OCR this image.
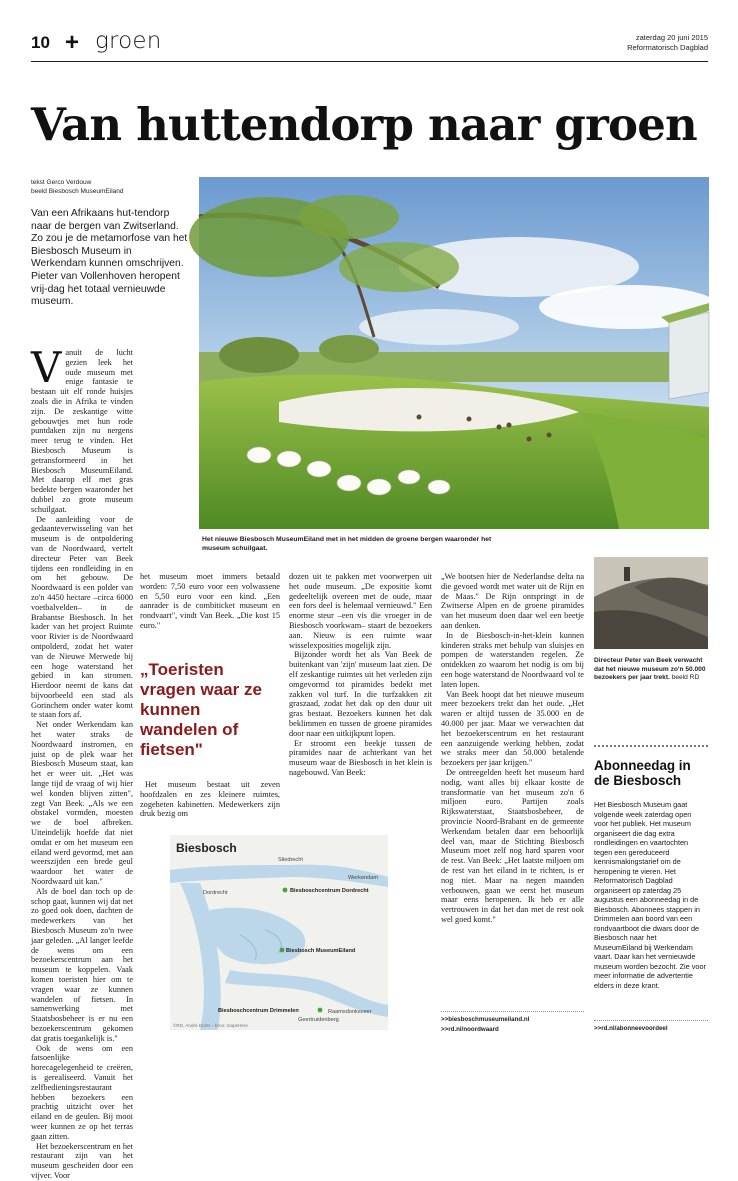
10 + groen	zaterdag 20 juni 2015
Reformatorisch Dagblad
Van huttendorp naar groen
tekst Gerco Verdouw
beeld Biesbosch MuseumEiland
Van een Afrikaans hut-tendorp naar de bergen van Zwitserland. Zo zou je de metamorfose van het Biesbosch Museum in Werkendam kunnen omschrijven. Pieter van Vollenhoven heropent vrij-dag het totaal vernieuwde museum.
Het nieuwe Biesbosch MuseumEiland met in het midden de groene bergen waaronder het museum schuilgaat.

Vanuit de lucht gezien leek het oude museum met enige fantasie te bestaan uit elf ronde huisjes zoals die in Afrika te vinden zijn. De zeskantige witte gebouwtjes met hun rode puntdaken zijn nu nergens meer terug te vinden. Het Biesbosch Museum is getransformeerd in het Biesbosch MuseumEiland. Met daarop elf met gras bedekte bergen waaronder het dubbel zo grote museum schuilgaat.

De aanleiding voor de gedaanteverwisseling van het museum is de ontpoldering van de Noordwaard, vertelt directeur Peter van Beek tijdens een rondleiding in en om het gebouw. De Noordwaard is een polder van zo'n 4450 hectare –circa 6000 voetbalvelden– in de Brabantse Biesbosch. In het kader van het project Ruimte voor Rivier is de Noordwaard ontpolderd, zodat het water van de Nieuwe Merwede bij een hoge waterstand het gebied in kan stromen. Hierdoor neemt de kans dat bijvoorbeeld een stad als Gorinchem onder water komt te staan fors af.

Net onder Werkendam kan het water straks de Noordwaard instromen, en juist op de plek waar het Biesbosch Museum staat, kan het er weer uit. „Het was lange tijd de vraag of wij hier wel konden blijven zitten", zegt Van Beek. „Als we een obstakel vormden, moesten we de boel afbreken. Uiteindelijk hoefde dat niet omdat er om het museum een eiland werd gevormd, met aan weerszijden een brede geul waardoor het water de Noordwaard uit kan."

Als de boel dan toch op de schop gaat, kunnen wij dat net zo goed ook doen, dachten de medewerkers van het Biesbosch Museum zo'n twee jaar geleden. „Al langer leefde de wens om een bezoekerscentrum aan het museum te koppelen. Vaak komen toeristen hier om te vragen waar ze kunnen wandelen of fietsen. In samenwerking met Staatsbosbeheer is er nu een bezoekerscentrum gekomen dat gratis toegankelijk is."

Ook de wens om een fatsoenlijke horecagelegenheid te creëren, is gerealiseerd. Vanuit het zelfbedieningsrestaurant hebben bezoekers een prachtig uitzicht over het eiland en de geulen. Bij mooi weer kunnen ze op het terras gaan zitten.

Het bezoekerscentrum en het restaurant zijn van het museum gescheiden door een vijver. Voor

het museum moet immers betaald worden: 7,50 euro voor een volwassene en 5,50 euro voor een kind. „Een aanrader is de combiticket museum en rondvaart", vindt Van Beek. „Die kost 15 euro."

„Toeristen vragen waar ze kunnen wandelen of fietsen"

Het museum bestaat uit zeven hoofdzalen en zes kleinere ruimtes, zogeheten kabinetten. Medewerkers zijn druk bezig om

dozen uit te pakken met voorwerpen uit het oude museum. „De expositie komt gedeeltelijk overeen met de oude, maar een fors deel is helemaal vernieuwd." Een enorme steur –een vis die vroeger in de Biesbosch voorkwam– staart de bezoekers aan. Nieuw is een ruimte waar wisselexposities mogelijk zijn.

Bijzonder wordt het als Van Beek de buitenkant van 'zijn' museum laat zien. De elf zeskantige ruimtes uit het verleden zijn omgevormd tot piramides bedekt met zakken vol turf. In die turfzakken zit graszaad, zodat het dak op den duur uit gras bestaat. Bezoekers kunnen het dak beklimmen en tussen de groene piramides door naar een uitkijkpunt lopen.

Er stroomt een beekje tussen de piramides naar de achterkant van het museum waar de Biesbosch in het klein is nagebouwd. Van Beek:

„We bootsen hier de Nederlandse delta na die gevoed wordt met water uit de Rijn en de Maas." De Rijn ontspringt in de Zwitserse Alpen en de groene piramides van het museum doen daar wel een beetje aan denken.

In de Biesbosch-in-het-klein kunnen kinderen straks met behulp van sluisjes en pompen de waterstanden regelen. Ze ontdekken zo waarom het nodig is om bij een hoge waterstand de Noordwaard vol te laten lopen.

Van Beek hoopt dat het nieuwe museum meer bezoekers trekt dan het oude. „Het waren er altijd tussen de 35.000 en de 40.000 per jaar. Maar we verwachten dat het bezoekerscentrum en het restaurant een aanzuigende werking hebben, zodat we straks meer dan 50.000 betalende bezoekers per jaar krijgen."

De ontreegelden heeft het museum hard nodig, want alles bij elkaar kostte de transformatie van het museum zo'n 6 miljoen euro. Partijen zoals Rijkswaterstaat, Staatsbosbeheer, de provincie Noord-Brabant en de gemeente Werkendam betalen daar een behoorlijk deel van, maar de Stichting Biesbosch Museum moet zelf nog hard sparen voor de rest. Van Beek: „Het laatste miljoen om de rest van het eiland in te richten, is er nog niet. Maar na negen maanden verbouwen, gaan we eerst het museum maar eens heropenen. Ik heb er alle vertrouwen in dat het dan met de rest ook wel goed komt."

>>biesboschmuseumeiland.nl
>>rd.nl/noordwaard
Biesbosch
Sliedrecht
Dordrecht
Werkendam
Biesboschcentrum Dordrecht
Biesbosch MuseumEiland
Biesboschcentrum Drimmelen
Geertruidenberg
Raamsdonksveer
©RD, André Dorst – bron: mapsHere
Directeur Peter van Beek verwacht dat het nieuwe museum zo'n 50.000 bezoekers per jaar trekt. beeld RD
Abonneedag in de Biesbosch
Het Biesbosch Museum gaat volgende week zaterdag open voor het publiek. Het museum organiseert die dag extra rondleidingen en vaartochten tegen een gereduceerd kennismakingstarief om de heropening te vieren. Het Reformatorisch Dagblad organiseert op zaterdag 25 augustus een abonneedag in de Biesbosch. Abonnees stappen in Drimmelen aan boord van een rondvaartboot die dwars door de Biesbosch naar het MuseumEiland bij Werkendam vaart. Daar kan het vernieuwde museum worden bezocht. Zie voor meer informatie de advertentie elders in deze krant.
>>rd.nl/abonneevoordeel
